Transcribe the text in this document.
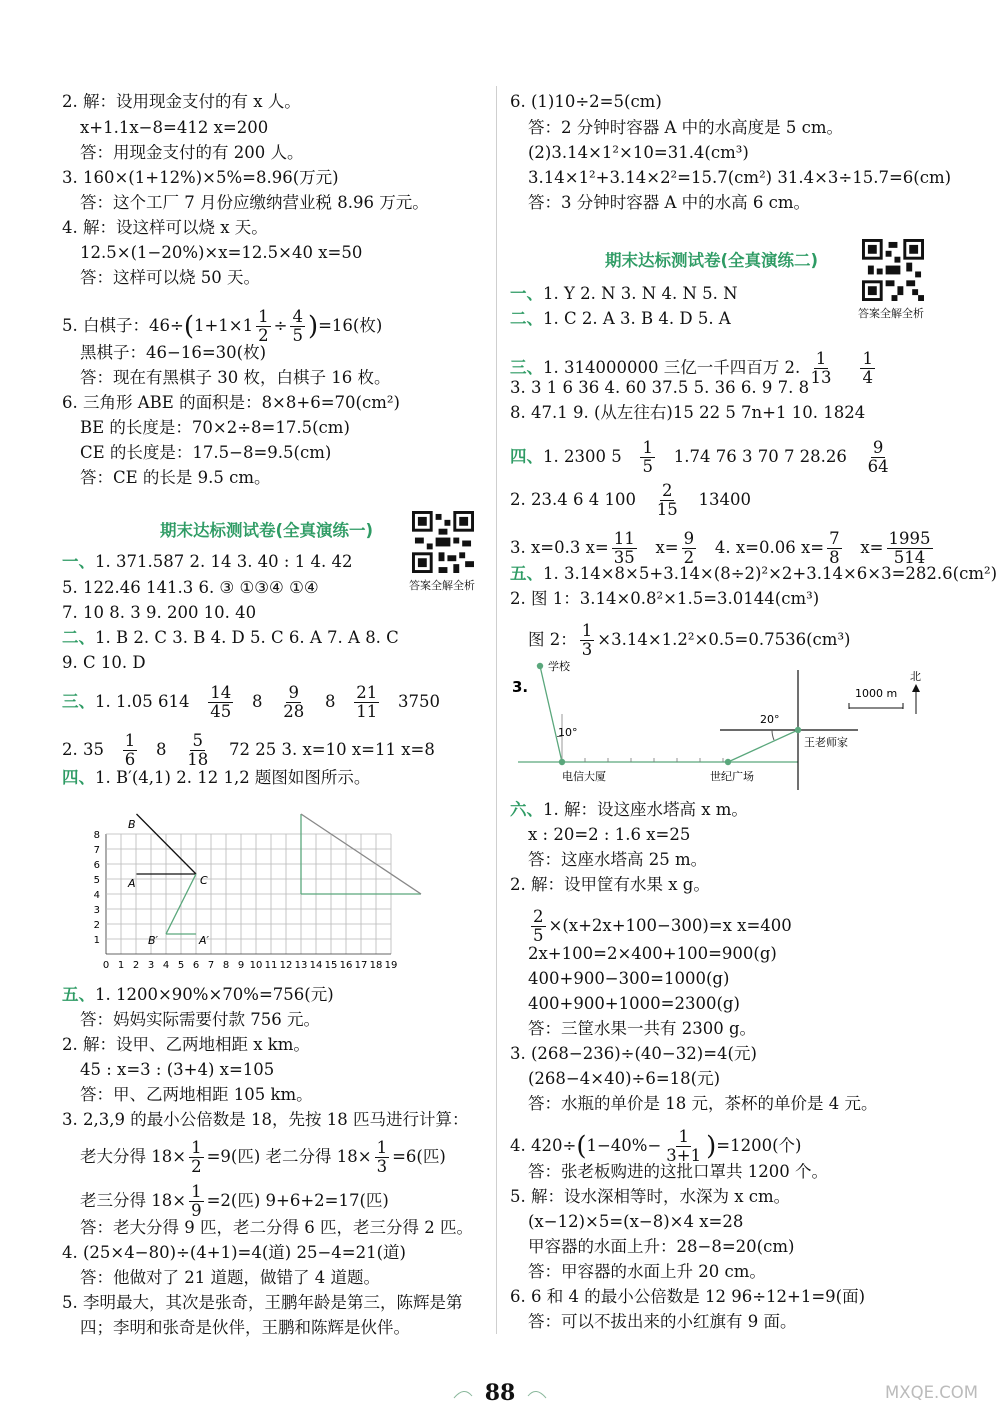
2. 解：设用现金支付的有 x 人。
x+1.1x−8=412 x=200
答：用现金支付的有 200 人。
3. 160×(1+12%)×5%=8.96(万元)
答：这个工厂 7 月份应缴纳营业税 8.96 万元。
4. 解：设这样可以烧 x 天。
12.5×(1−20%)×x=12.5×40 x=50
答：这样可以烧 50 天。
5. 白棋子：$46\div(1+1\times 1 \frac{1}{2} \div \frac{4}{5} )=16$(枚)
黑棋子：46−16=30(枚)
答：现在有黑棋子 30 枚，白棋子 16 枚。
6. 三角形 ABE 的面积是：8×8+6=70(cm²)
BE 的长度是：70×2÷8=17.5(cm)
CE 的长度是：17.5−8=9.5(cm)
答：CE 的长是 9.5 cm。
期末达标测试卷(全真演练一)
答案全解全析
一、1. 371.587 2. 14 3. 40 : 1 4. 42
5. 122.46 141.3 6. ③ ①③④ ①④
7. 10 8. 3 9. 200 10. 40
二、1. B 2. C 3. B 4. D 5. C 6. A 7. A 8. C
9. C 10. D
三、1. 1.05 $614 \frac{14}{45} 8 \frac{9}{28} 8 \frac{21}{11} 3750$
2. $35 \frac{1}{6} 8 \frac{5}{18} 72$ 25 3. x=10 x=11 x=8
四、1. B′(4,1) 2. 12 1,2 题图如图所示。
B
A	C
B′	A′
0 1 2 3 4 5 6 7 8 9 10 11 12 13 14 15 16 17 18 19
1
2
3
4
5
6
7
8
五、1. 1200×90%×70%=756(元)
答：妈妈实际需要付款 756 元。
2. 解：设甲、乙两地相距 x km。
45 : x=3 : (3+4) x=105
答：甲、乙两地相距 105 km。
3. 2,3,9 的最小公倍数是 18，先按 18 匹马进行计算：
老大分得 $18\times \frac{1}{2} =9$(匹) 老二分得 $18\times \frac{1}{3} =6$(匹)
老三分得 $18\times \frac{1}{9} =2$(匹) 9+6+2=17(匹)
答：老大分得 9 匹，老二分得 6 匹，老三分得 2 匹。
4. (25×4−80)÷(4+1)=4(道) 25−4=21(道)
答：他做对了 21 道题，做错了 4 道题。
5. 李明最大，其次是张奇，王鹏年龄是第三，陈辉是第
四；李明和张奇是伙伴，王鹏和陈辉是伙伴。
6. (1)10÷2=5(cm)
答：2 分钟时容器 A 中的水高度是 5 cm。
(2)3.14×1²×10=31.4(cm³)
3.14×1²+3.14×2²=15.7(cm²) 31.4×3÷15.7=6(cm)
答：3 分钟时容器 A 中的水高 6 cm。
期末达标测试卷(全真演练二)
答案全解全析
一、1. Y 2. N 3. N 4. N 5. N
二、1. C 2. A 3. B 4. D 5. A
三、1. 314000000 三亿一千四百万 2. $\frac{1}{13}$
$\frac{1}{4}$
3. 3 1 6 36 4. 60 37.5 5. 36 6. 9 7. 8
8. 47.1 9. (从左往右)15 22 5 7n+1 10. 1824
四、1. 2300 $5 \frac{1}{5} 1.74$ 76 3 70 7 $28.26 \frac{9}{64}$
2. 23.4 6 4 $100 \frac{2}{15} 13400$
3. x=0.3 $x= \frac{11}{35} x= \frac{9}{2} 4$. x=0.06 $x= \frac{7}{8} x= \frac{1995}{514}$
五、1. 3.14×8×5+3.14×(8÷2)²×2+3.14×6×3=282.6(cm²)
2. 图 1：3.14×0.8²×1.5=3.0144(cm³)
图 2： $\frac{1}{3} \times 3.14\times 1.2^2\times 0.5=0.7536(cm^3)$
3.
学校
10°
电信大厦	世纪广场
20°
王老师家
1000 m
北
六、1. 解：设这座水塔高 x m。
x : 20=2 : 1.6 x=25
答：这座水塔高 25 m。
2. 解：设甲筐有水果 x g。
$\frac{2}{5} \times(x+2x+100-300)=x$ x=400
2x+100=2×400+100=900(g)
400+900−300=1000(g)
400+900+1000=2300(g)
答：三筐水果一共有 2300 g。
3. (268−236)÷(40−32)=4(元)
(268−4×40)÷6=18(元)
答：水瓶的单价是 18 元，茶杯的单价是 4 元。
4. $420\div(1-40\%- \frac{1}{3+1} )=1200$(个)
答：张老板购进的这批口罩共 1200 个。
5. 解：设水深相等时，水深为 x cm。
(x−12)×5=(x−8)×4 x=28
甲容器的水面上升：28−8=20(cm)
答：甲容器的水面上升 20 cm。
6. 6 和 4 的最小公倍数是 12 96÷12+1=9(面)
答：可以不拔出来的小红旗有 9 面。
88	MXQE.COM
